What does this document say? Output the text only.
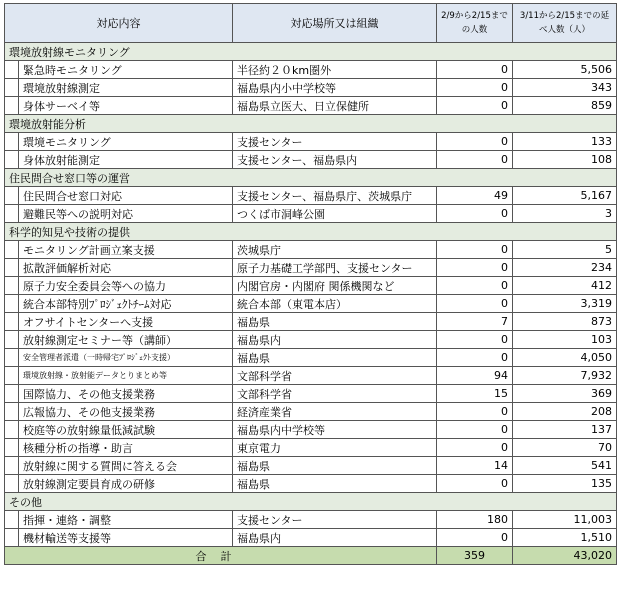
対応内容		対応場所又は組織	2/9から2/15までの人数	3/11から2/15までの延べ人数（人）
環境放射線モニタリング				
	緊急時モニタリング	半径約２０km圏外	0	5,506
	環境放射線測定	福島県内小中学校等	0	343
	身体サーベイ等	福島県立医大、日立保健所	0	859
環境放射能分析				
	環境モニタリング	支援センター	0	133
	身体放射能測定	支援センター、福島県内	0	108
住民問合せ窓口等の運営				
	住民問合せ窓口対応	支援センター、福島県庁、茨城県庁	49	5,167
	避難民等への説明対応	つくば市洞峰公園	0	3
科学的知見や技術の提供				
	モニタリング計画立案支援	茨城県庁	0	5
	拡散評価解析対応	原子力基礎工学部門、支援センター	0	234
	原子力安全委員会等への協力	内閣官房・内閣府 関係機関など	0	412
	統合本部特別ﾌﾟﾛｼﾞｪｸﾄﾁｰﾑ対応	統合本部（東電本店）	0	3,319
	オフサイトセンターへ支援	福島県	7	873
	放射線測定セミナー等（講師）	福島県内	0	103
	安全管理者派遣（一時帰宅ﾌﾟﾛｼﾞｪｸﾄ支援）	福島県	0	4,050
	環境放射線・放射能データとりまとめ等	文部科学省	94	7,932
	国際協力、その他支援業務	文部科学省	15	369
	広報協力、その他支援業務	経済産業省	0	208
	校庭等の放射線量低減試験	福島県内中学校等	0	137
	核種分析の指導・助言	東京電力	0	70
	放射線に関する質問に答える会	福島県	14	541
	放射線測定要員育成の研修	福島県	0	135
その他				
	指揮・連絡・調整	支援センター	180	11,003
	機材輸送等支援等	福島県内	0	1,510
合計			359	43,020
